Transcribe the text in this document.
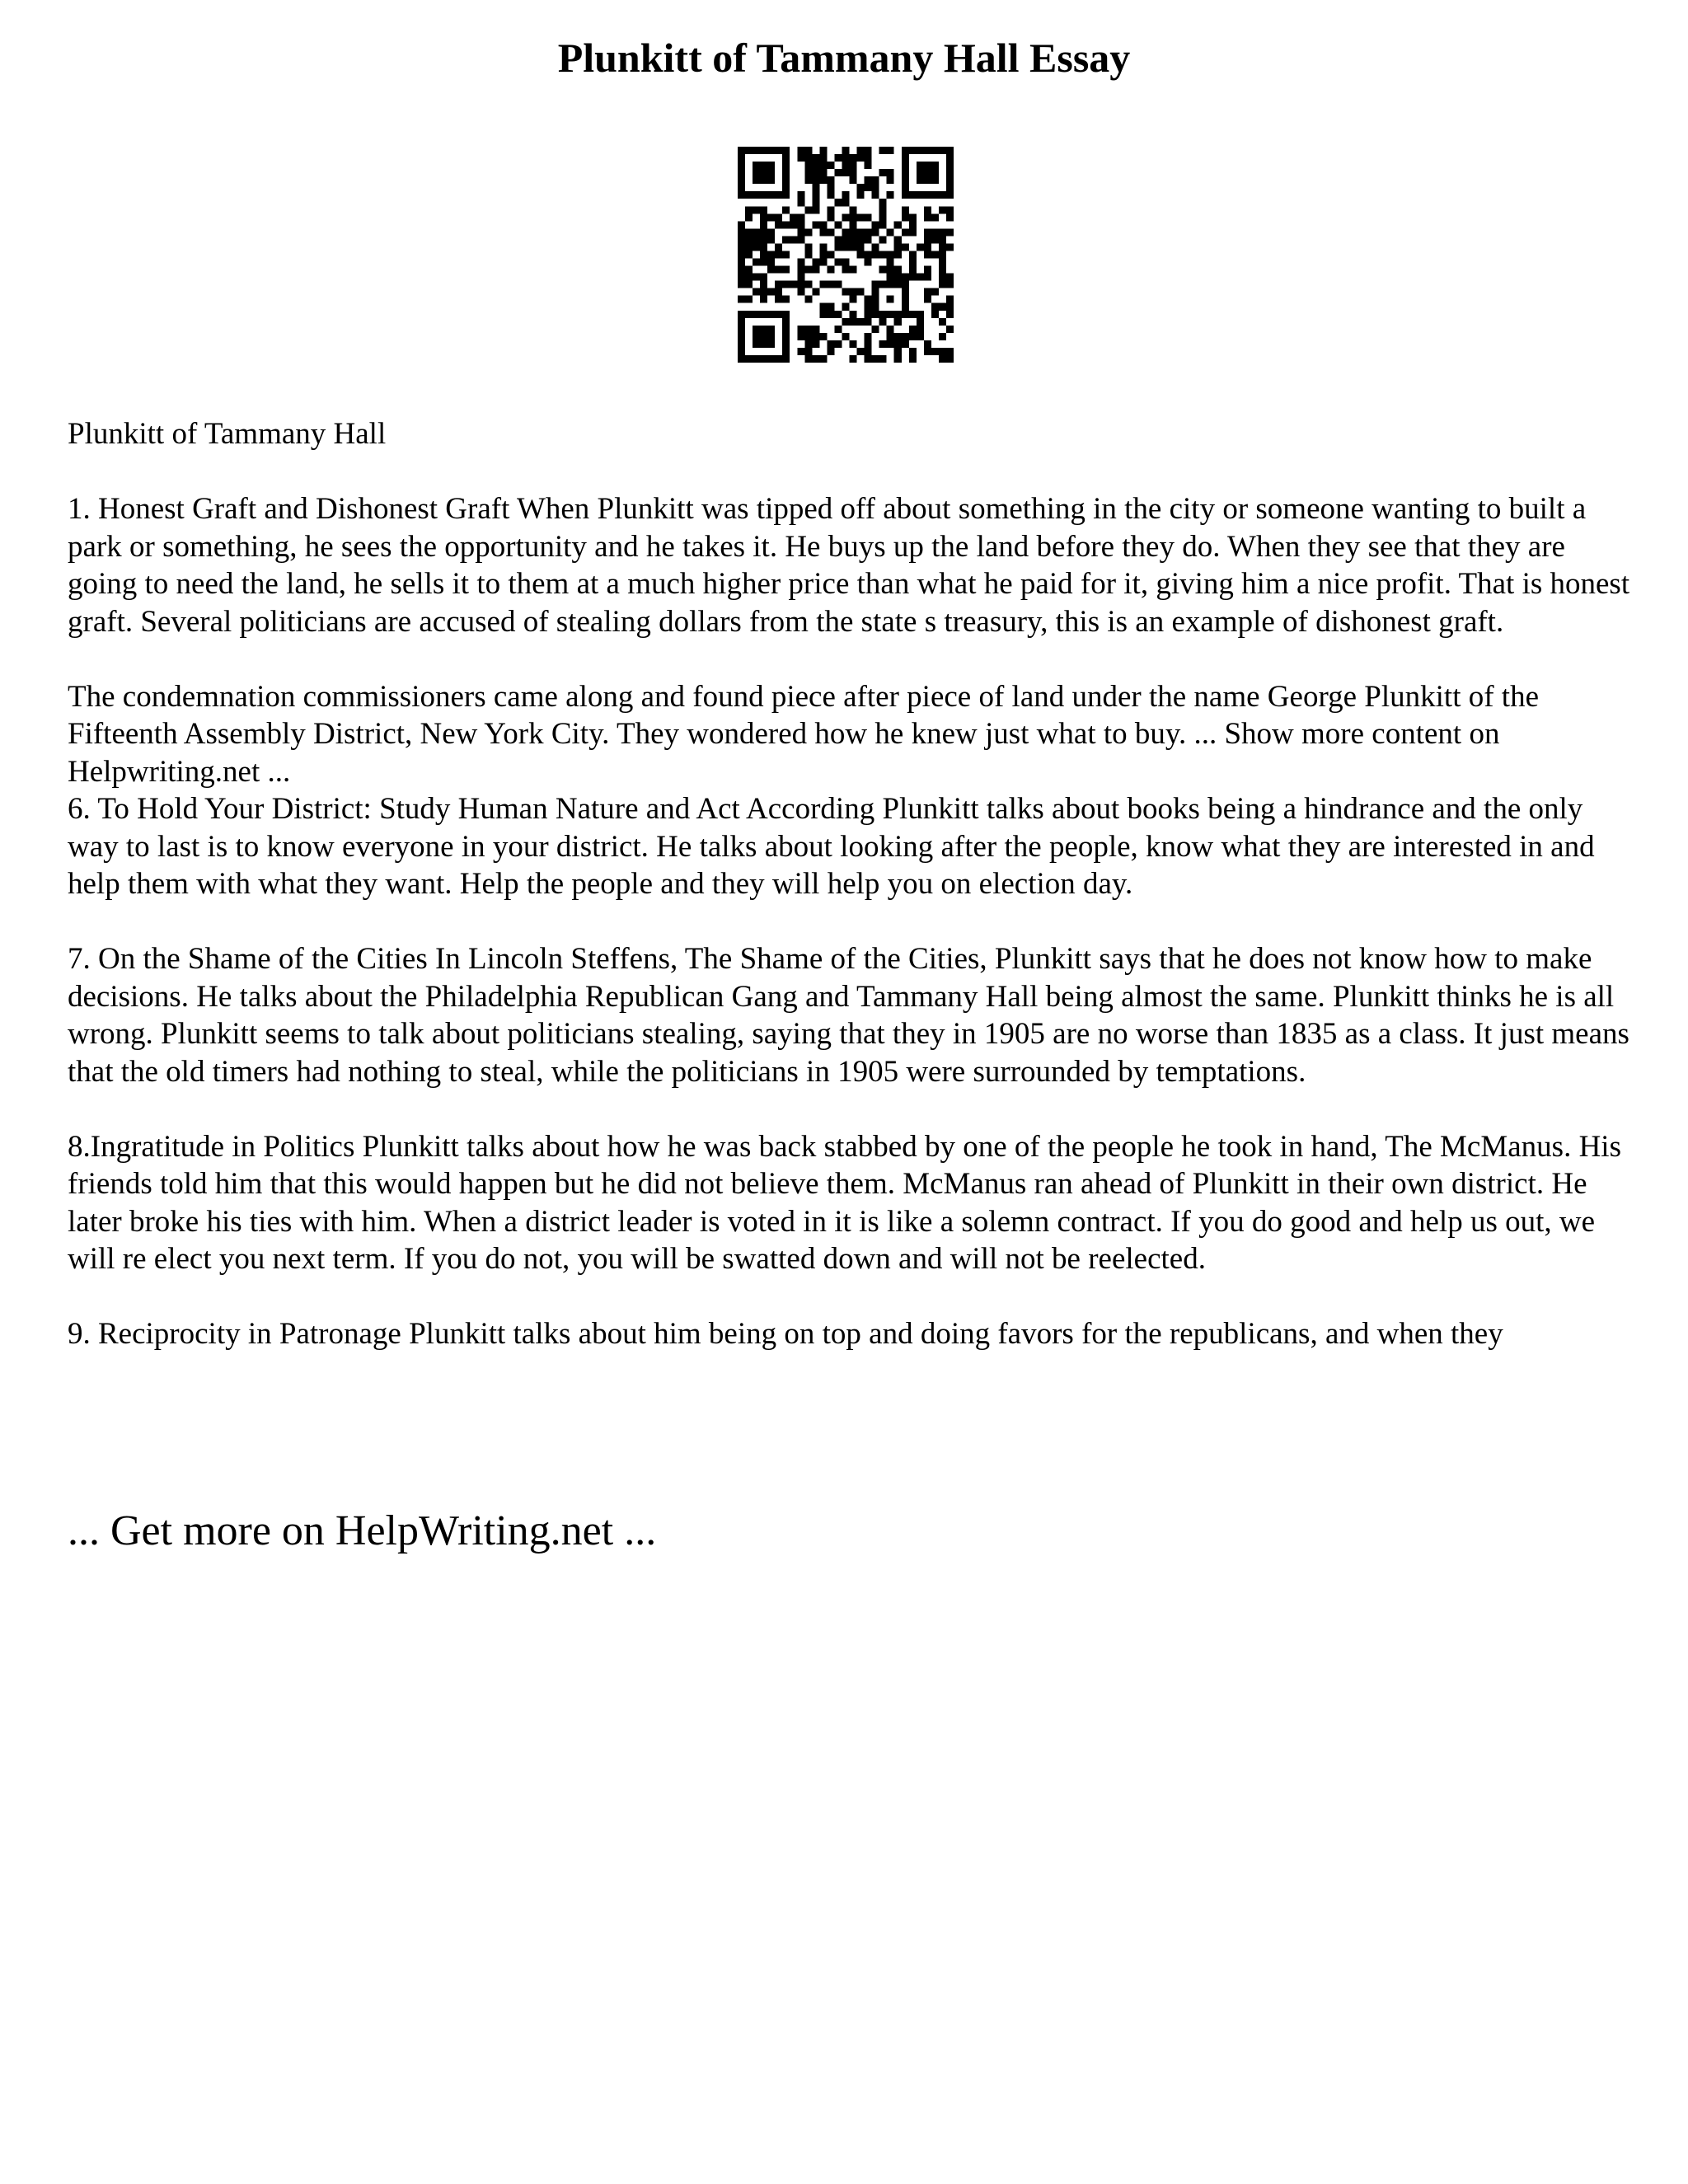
Plunkitt of Tammany Hall Essay

Plunkitt of Tammany Hall

1. Honest Graft and Dishonest Graft When Plunkitt was tipped off about something in the city or someone wanting to built a park or something, he sees the opportunity and he takes it. He buys up the land before they do. When they see that they are going to need the land, he sells it to them at a much higher price than what he paid for it, giving him a nice profit. That is honest graft. Several politicians are accused of stealing dollars from the state s treasury, this is an example of dishonest graft.

The condemnation commissioners came along and found piece after piece of land under the name George Plunkitt of the Fifteenth Assembly District, New York City. They wondered how he knew just what to buy. ... Show more content on Helpwriting.net ...

6. To Hold Your District: Study Human Nature and Act According Plunkitt talks about books being a hindrance and the only way to last is to know everyone in your district. He talks about looking after the people, know what they are interested in and help them with what they want. Help the people and they will help you on election day.

7. On the Shame of the Cities In Lincoln Steffens, The Shame of the Cities, Plunkitt says that he does not know how to make decisions. He talks about the Philadelphia Republican Gang and Tammany Hall being almost the same. Plunkitt thinks he is all wrong. Plunkitt seems to talk about politicians stealing, saying that they in 1905 are no worse than 1835 as a class. It just means that the old timers had nothing to steal, while the politicians in 1905 were surrounded by temptations.

8.Ingratitude in Politics Plunkitt talks about how he was back stabbed by one of the people he took in hand, The McManus. His friends told him that this would happen but he did not believe them. McManus ran ahead of Plunkitt in their own district. He later broke his ties with him. When a district leader is voted in it is like a solemn contract. If you do good and help us out, we will re elect you next term. If you do not, you will be swatted down and will not be reelected.

9. Reciprocity in Patronage Plunkitt talks about him being on top and doing favors for the republicans, and when they

... Get more on HelpWriting.net ...
